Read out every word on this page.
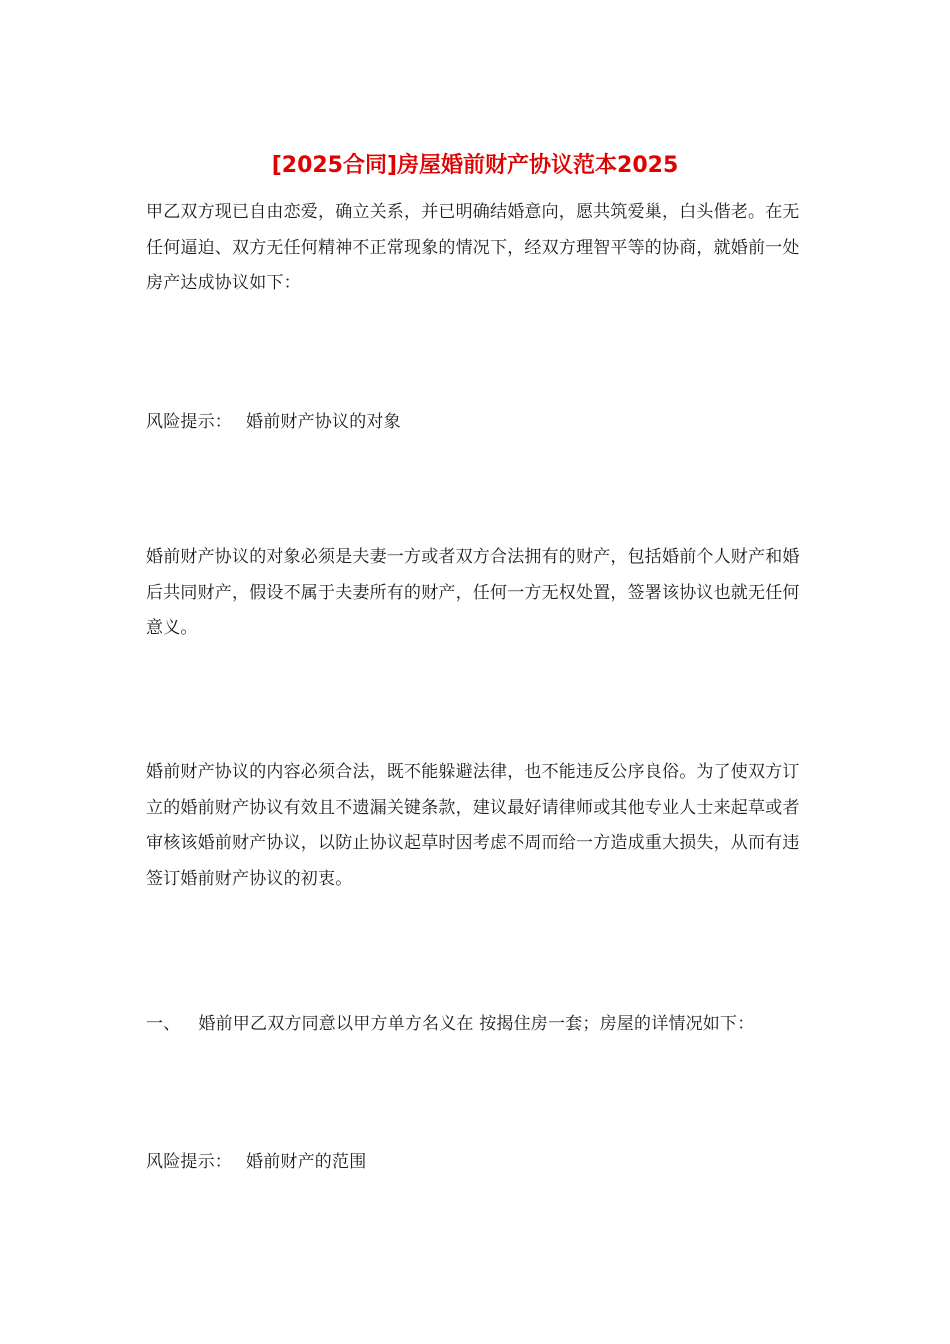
[2025合同]房屋婚前财产协议范本2025

甲乙双方现已自由恋爱，确立关系，并已明确结婚意向，愿共筑爱巢，白头偕老。在无任何逼迫、双方无任何精神不正常现象的情况下，经双方理智平等的协商，就婚前一处房产达成协议如下：

风险提示： 婚前财产协议的对象

婚前财产协议的对象必须是夫妻一方或者双方合法拥有的财产，包括婚前个人财产和婚后共同财产，假设不属于夫妻所有的财产，任何一方无权处置，签署该协议也就无任何意义。

婚前财产协议的内容必须合法，既不能躲避法律，也不能违反公序良俗。为了使双方订立的婚前财产协议有效且不遗漏关键条款，建议最好请律师或其他专业人士来起草或者审核该婚前财产协议，以防止协议起草时因考虑不周而给一方造成重大损失，从而有违签订婚前财产协议的初衷。

一、 婚前甲乙双方同意以甲方单方名义在 按揭住房一套；房屋的详情况如下：

风险提示： 婚前财产的范围
